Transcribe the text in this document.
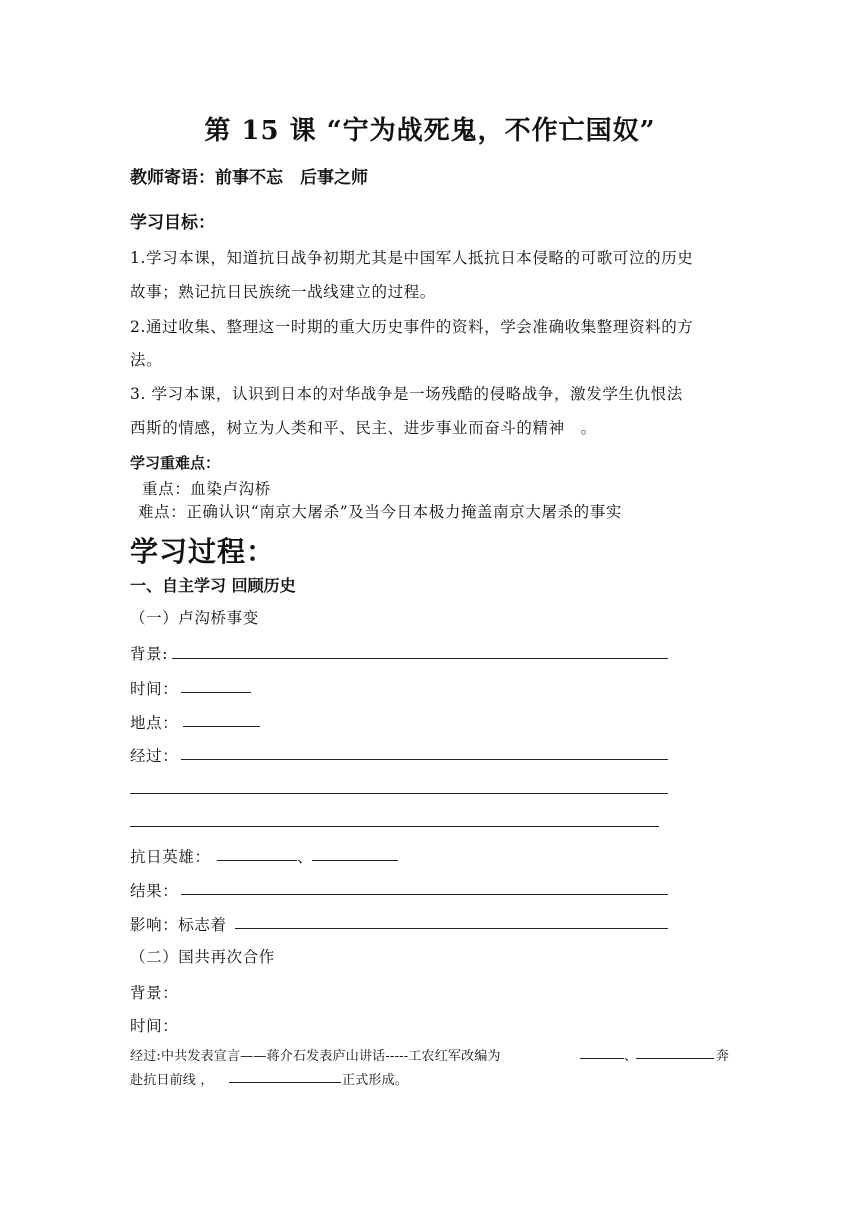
第 15 课 “宁为战死鬼，不作亡国奴”
教师寄语：前事不忘　后事之师
学习目标：
1.学习本课，知道抗日战争初期尤其是中国军人抵抗日本侵略的可歌可泣的历史
故事；熟记抗日民族统一战线建立的过程。
2.通过收集、整理这一时期的重大历史事件的资料，学会准确收集整理资料的方
法。
3. 学习本课，认识到日本的对华战争是一场残酷的侵略战争，激发学生仇恨法
西斯的情感，树立为人类和平、民主、进步事业而奋斗的精神　。
学习重难点：
重点：血染卢沟桥
难点：正确认识“南京大屠杀”及当今日本极力掩盖南京大屠杀的事实
学习过程：
一、自主学习 回顾历史
（一）卢沟桥事变
背景:
时间：
地点：
经过：
抗日英雄：	、
结果：
影响：标志着
（二）国共再次合作
背景：
时间：
经过:中共发表宣言——蒋介石发表庐山讲话-----工农红军改编为	、	奔
赴抗日前线 ，	正式形成。
